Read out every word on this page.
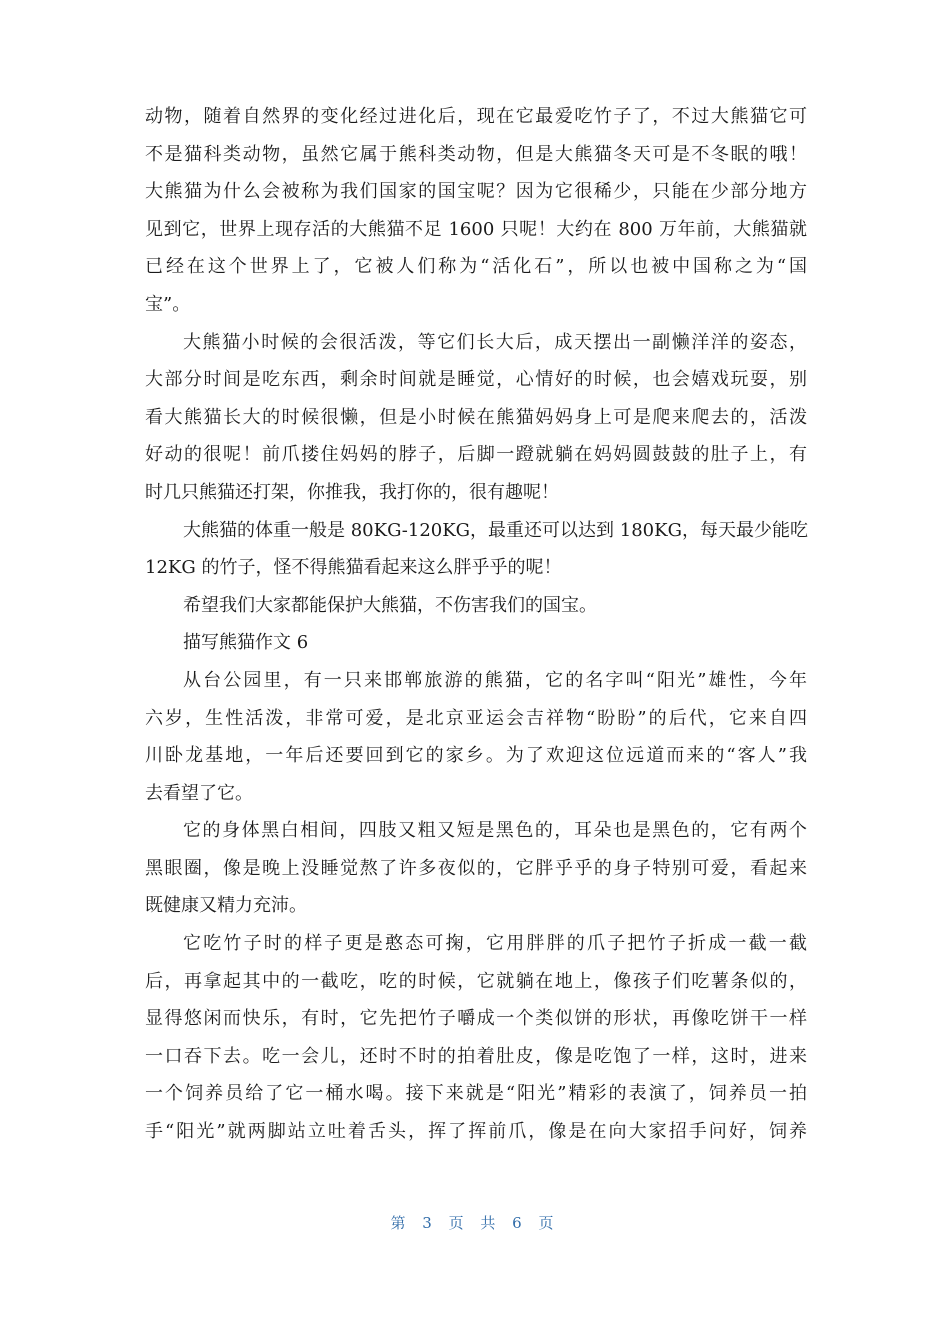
动物，随着自然界的变化经过进化后，现在它最爱吃竹子了，不过大熊猫它可
不是猫科类动物，虽然它属于熊科类动物，但是大熊猫冬天可是不冬眠的哦！
大熊猫为什么会被称为我们国家的国宝呢？因为它很稀少，只能在少部分地方
见到它，世界上现存活的大熊猫不足 1600 只呢！大约在 800 万年前，大熊猫就
已经在这个世界上了，它被人们称为“活化石”，所以也被中国称之为“国
宝”。
大熊猫小时候的会很活泼，等它们长大后，成天摆出一副懒洋洋的姿态，
大部分时间是吃东西，剩余时间就是睡觉，心情好的时候，也会嬉戏玩耍，别
看大熊猫长大的时候很懒，但是小时候在熊猫妈妈身上可是爬来爬去的，活泼
好动的很呢！前爪搂住妈妈的脖子，后脚一蹬就躺在妈妈圆鼓鼓的肚子上，有
时几只熊猫还打架，你推我，我打你的，很有趣呢！
大熊猫的体重一般是 80KG-120KG，最重还可以达到 180KG，每天最少能吃
12KG 的竹子，怪不得熊猫看起来这么胖乎乎的呢！
希望我们大家都能保护大熊猫，不伤害我们的国宝。
描写熊猫作文 6
从台公园里，有一只来邯郸旅游的熊猫，它的名字叫“阳光”雄性，今年
六岁，生性活泼，非常可爱，是北京亚运会吉祥物“盼盼”的后代，它来自四
川卧龙基地，一年后还要回到它的家乡。为了欢迎这位远道而来的“客人”我
去看望了它。
它的身体黑白相间，四肢又粗又短是黑色的，耳朵也是黑色的，它有两个
黑眼圈，像是晚上没睡觉熬了许多夜似的，它胖乎乎的身子特别可爱，看起来
既健康又精力充沛。
它吃竹子时的样子更是憨态可掬，它用胖胖的爪子把竹子折成一截一截
后，再拿起其中的一截吃，吃的时候，它就躺在地上，像孩子们吃薯条似的，
显得悠闲而快乐，有时，它先把竹子嚼成一个类似饼的形状，再像吃饼干一样
一口吞下去。吃一会儿，还时不时的拍着肚皮，像是吃饱了一样，这时，进来
一个饲养员给了它一桶水喝。接下来就是“阳光”精彩的表演了，饲养员一拍
手“阳光”就两脚站立吐着舌头，挥了挥前爪，像是在向大家招手问好，饲养
第 3 页 共 6 页
